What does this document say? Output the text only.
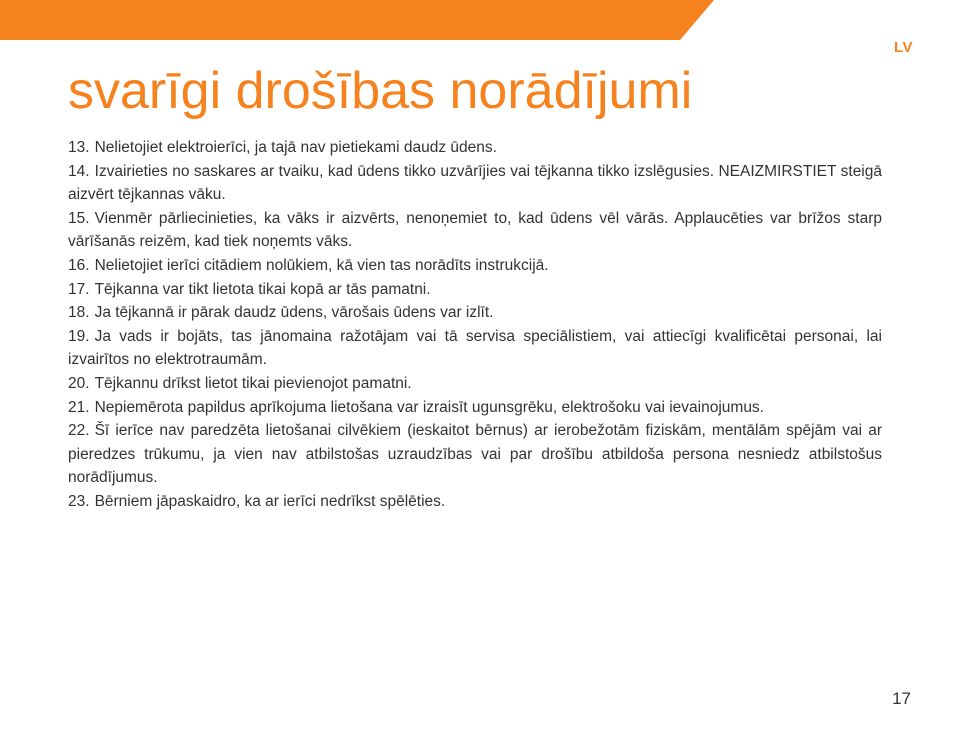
LV
svarīgi drošības norādījumi
13. Nelietojiet elektroierīci, ja tajā nav pietiekami daudz ūdens.
14. Izvairieties no saskares ar tvaiku, kad ūdens tikko uzvārījies vai tējkanna tikko izslēgusies. NEAIZMIRSTIET steigā aizvērt tējkannas vāku.
15. Vienmēr pārliecinieties, ka vāks ir aizvērts, nenoņemiet to, kad ūdens vēl vārās. Applaucēties var brīžos starp vārīšanās reizēm, kad tiek noņemts vāks.
16. Nelietojiet ierīci citādiem nolūkiem, kā vien tas norādīts instrukcijā.
17. Tējkanna var tikt lietota tikai kopā ar tās pamatni.
18. Ja tējkannā ir pārak daudz ūdens, vārošais ūdens var izlīt.
19. Ja vads ir bojāts, tas jānomaina ražotājam vai tā servisa speciālistiem, vai attiecīgi kvalificētai personai, lai izvairītos no elektrotraumām.
20. Tējkannu drīkst lietot tikai pievienojot pamatni.
21. Nepiemērota papildus aprīkojuma lietošana var izraisīt ugunsgrēku, elektrošoku vai ievainojumus.
22. Šī ierīce nav paredzēta lietošanai cilvēkiem (ieskaitot bērnus) ar ierobežotām fiziskām, mentālām spējām vai ar pieredzes trūkumu, ja vien nav atbilstošas uzraudzības vai par drošību atbildoša persona nesniedz atbilstošus norādījumus.
23. Bērniem jāpaskaidro, ka ar ierīci nedrīkst spēlēties.
17
